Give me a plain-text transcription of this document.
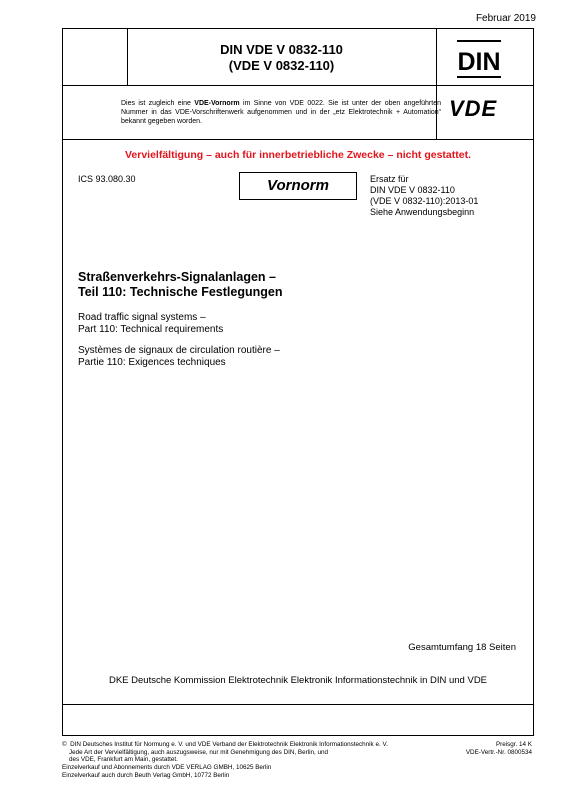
Februar 2019
DIN VDE V 0832-110
(VDE V 0832-110)	DIN
Dies ist zugleich eine VDE-Vornorm im Sinne von VDE 0022. Sie ist unter der oben angeführten Nummer in das VDE-Vorschriftenwerk aufgenommen und in der „etz Elektrotechnik + Automation“ bekannt gegeben worden.
VDE
Vervielfältigung – auch für innerbetriebliche Zwecke – nicht gestattet.
ICS 93.080.30	Vornorm	Ersatz für
DIN VDE V 0832-110
(VDE V 0832-110):2013-01
Siehe Anwendungsbeginn
Straßenverkehrs-Signalanlagen –
Teil 110: Technische Festlegungen
Road traffic signal systems –
Part 110: Technical requirements
Systèmes de signaux de circulation routière –
Partie 110: Exigences techniques
Gesamtumfang 18 Seiten
DKE Deutsche Kommission Elektrotechnik Elektronik Informationstechnik in DIN und VDE
©  DIN Deutsches Institut für Normung e. V. und VDE Verband der Elektrotechnik Elektronik Informationstechnik e. V.
Jede Art der Vervielfältigung, auch auszugsweise, nur mit Genehmigung des DIN, Berlin, und
des VDE, Frankfurt am Main, gestattet.
Einzelverkauf und Abonnements durch VDE VERLAG GMBH, 10625 Berlin
Einzelverkauf auch durch Beuth Verlag GmbH, 10772 Berlin
Preisgr. 14 K
VDE-Vertr.-Nr. 0800534
